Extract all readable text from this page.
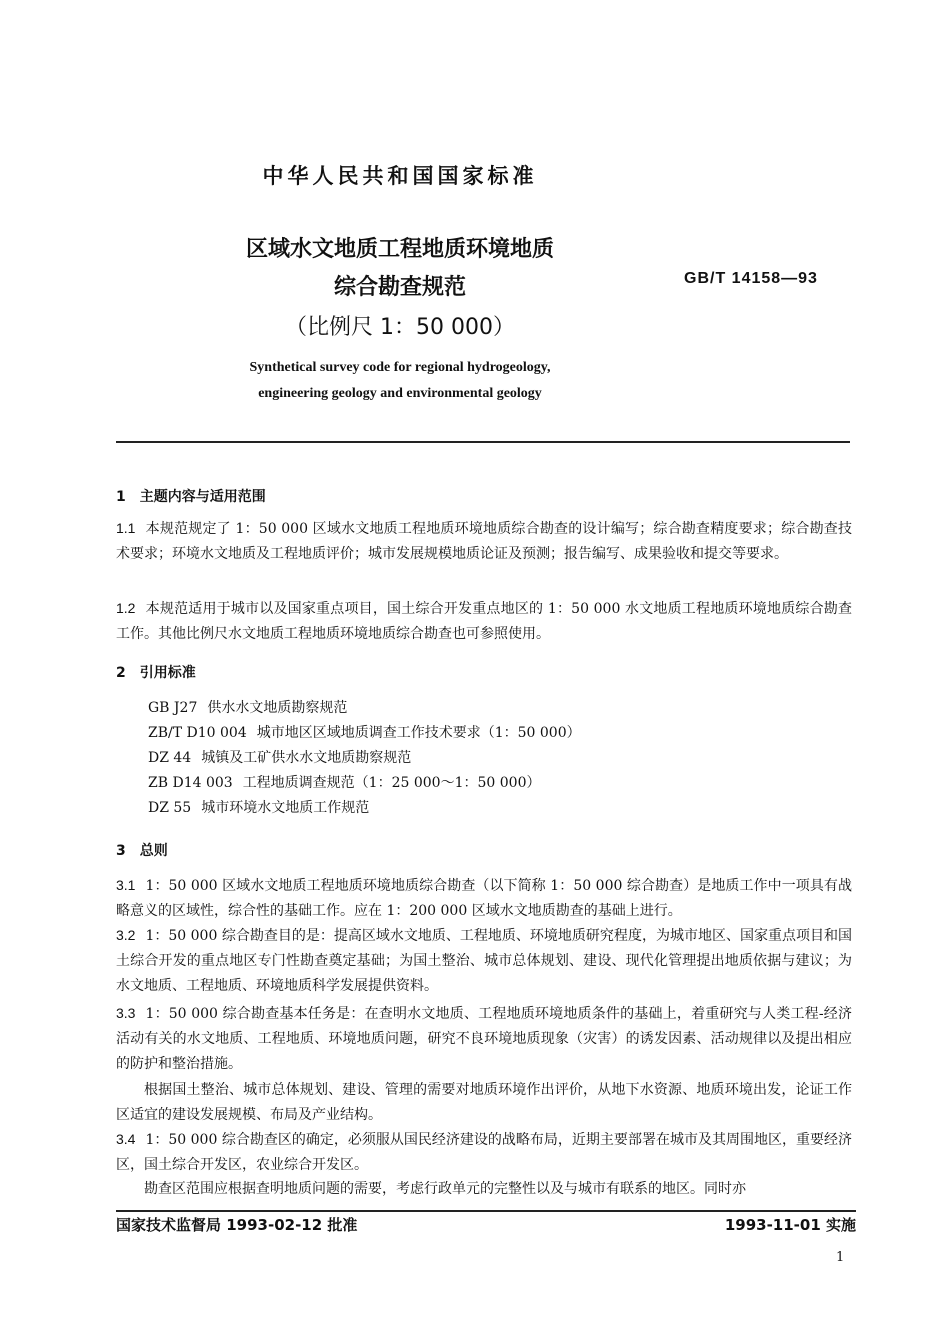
中华人民共和国国家标准
区域水文地质工程地质环境地质
综合勘查规范
（比例尺 1：50 000）
GB/T 14158—93
Synthetical survey code for regional hydrogeology,
engineering geology and environmental geology
1　主题内容与适用范围
1.1 本规范规定了 1：50 000 区域水文地质工程地质环境地质综合勘查的设计编写；综合勘查精度要求；综合勘查技术要求；环境水文地质及工程地质评价；城市发展规模地质论证及预测；报告编写、成果验收和提交等要求。
1.2 本规范适用于城市以及国家重点项目，国土综合开发重点地区的 1：50 000 水文地质工程地质环境地质综合勘查工作。其他比例尺水文地质工程地质环境地质综合勘查也可参照使用。
2　引用标准
GB J27 供水水文地质勘察规范
ZB/T D10 004 城市地区区域地质调查工作技术要求（1：50 000）
DZ 44 城镇及工矿供水水文地质勘察规范
ZB D14 003 工程地质调查规范（1：25 000～1：50 000）
DZ 55 城市环境水文地质工作规范
3　总则
3.1 1：50 000 区域水文地质工程地质环境地质综合勘查（以下简称 1：50 000 综合勘查）是地质工作中一项具有战略意义的区域性，综合性的基础工作。应在 1：200 000 区域水文地质勘查的基础上进行。
3.2 1：50 000 综合勘查目的是：提高区域水文地质、工程地质、环境地质研究程度，为城市地区、国家重点项目和国土综合开发的重点地区专门性勘查奠定基础；为国土整治、城市总体规划、建设、现代化管理提出地质依据与建议；为水文地质、工程地质、环境地质科学发展提供资料。
3.3 1：50 000 综合勘查基本任务是：在查明水文地质、工程地质环境地质条件的基础上，着重研究与人类工程-经济活动有关的水文地质、工程地质、环境地质问题，研究不良环境地质现象（灾害）的诱发因素、活动规律以及提出相应的防护和整治措施。
根据国土整治、城市总体规划、建设、管理的需要对地质环境作出评价，从地下水资源、地质环境出发，论证工作区适宜的建设发展规模、布局及产业结构。
3.4 1：50 000 综合勘查区的确定，必须服从国民经济建设的战略布局，近期主要部署在城市及其周围地区，重要经济区，国土综合开发区，农业综合开发区。
勘查区范围应根据查明地质问题的需要，考虑行政单元的完整性以及与城市有联系的地区。同时亦
国家技术监督局 1993-02-12 批准	1993-11-01 实施
1
